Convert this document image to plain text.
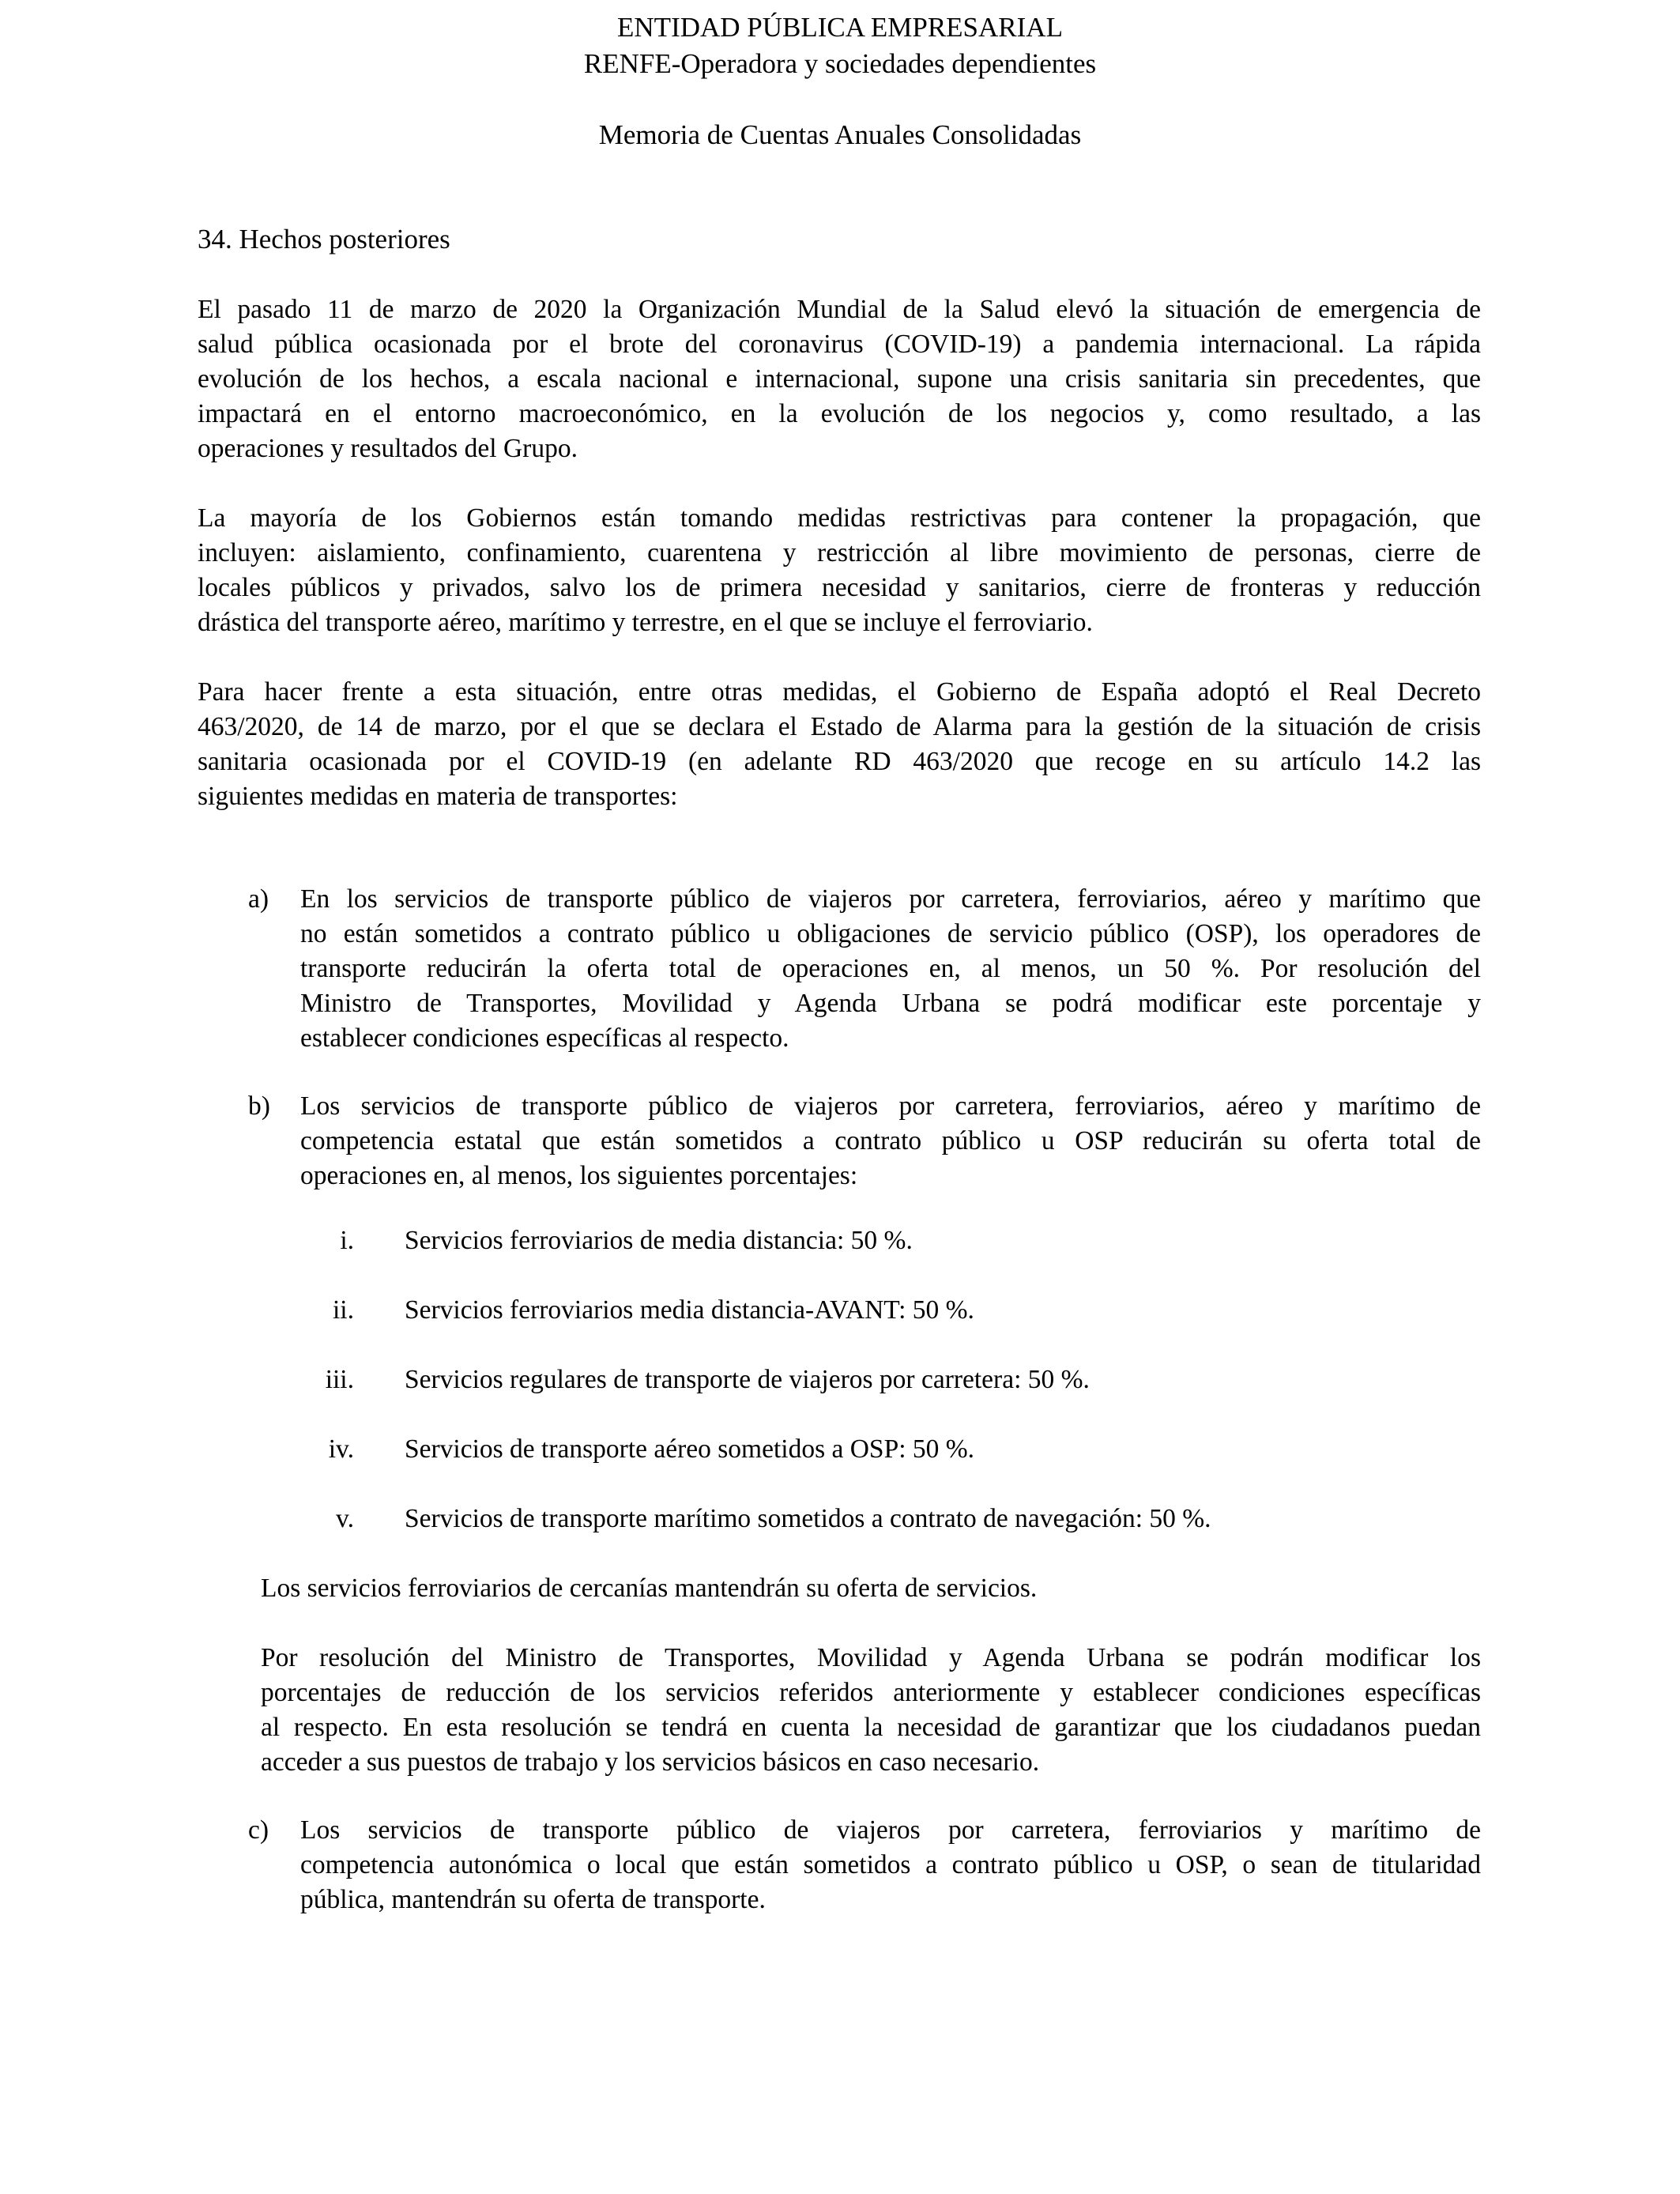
ENTIDAD PÚBLICA EMPRESARIAL
RENFE-Operadora y sociedades dependientes
Memoria de Cuentas Anuales Consolidadas
34. Hechos posteriores
El pasado 11 de marzo de 2020 la Organización Mundial de la Salud elevó la situación de emergencia de
salud pública ocasionada por el brote del coronavirus (COVID-19) a pandemia internacional. La rápida
evolución de los hechos, a escala nacional e internacional, supone una crisis sanitaria sin precedentes, que
impactará en el entorno macroeconómico, en la evolución de los negocios y, como resultado, a las
operaciones y resultados del Grupo.
La mayoría de los Gobiernos están tomando medidas restrictivas para contener la propagación, que
incluyen: aislamiento, confinamiento, cuarentena y restricción al libre movimiento de personas, cierre de
locales públicos y privados, salvo los de primera necesidad y sanitarios, cierre de fronteras y reducción
drástica del transporte aéreo, marítimo y terrestre, en el que se incluye el ferroviario.
Para hacer frente a esta situación, entre otras medidas, el Gobierno de España adoptó el Real Decreto
463/2020, de 14 de marzo, por el que se declara el Estado de Alarma para la gestión de la situación de crisis
sanitaria ocasionada por el COVID-19 (en adelante RD 463/2020 que recoge en su artículo 14.2 las
siguientes medidas en materia de transportes:
a) En los servicios de transporte público de viajeros por carretera, ferroviarios, aéreo y marítimo que
no están sometidos a contrato público u obligaciones de servicio público (OSP), los operadores de
transporte reducirán la oferta total de operaciones en, al menos, un 50 %. Por resolución del
Ministro de Transportes, Movilidad y Agenda Urbana se podrá modificar este porcentaje y
establecer condiciones específicas al respecto.
b) Los servicios de transporte público de viajeros por carretera, ferroviarios, aéreo y marítimo de
competencia estatal que están sometidos a contrato público u OSP reducirán su oferta total de
operaciones en, al menos, los siguientes porcentajes:
i. Servicios ferroviarios de media distancia: 50 %.
ii. Servicios ferroviarios media distancia-AVANT: 50 %.
iii. Servicios regulares de transporte de viajeros por carretera: 50 %.
iv. Servicios de transporte aéreo sometidos a OSP: 50 %.
v. Servicios de transporte marítimo sometidos a contrato de navegación: 50 %.
Los servicios ferroviarios de cercanías mantendrán su oferta de servicios.
Por resolución del Ministro de Transportes, Movilidad y Agenda Urbana se podrán modificar los
porcentajes de reducción de los servicios referidos anteriormente y establecer condiciones específicas
al respecto. En esta resolución se tendrá en cuenta la necesidad de garantizar que los ciudadanos puedan
acceder a sus puestos de trabajo y los servicios básicos en caso necesario.
c) Los servicios de transporte público de viajeros por carretera, ferroviarios y marítimo de
competencia autonómica o local que están sometidos a contrato público u OSP, o sean de titularidad
pública, mantendrán su oferta de transporte.
